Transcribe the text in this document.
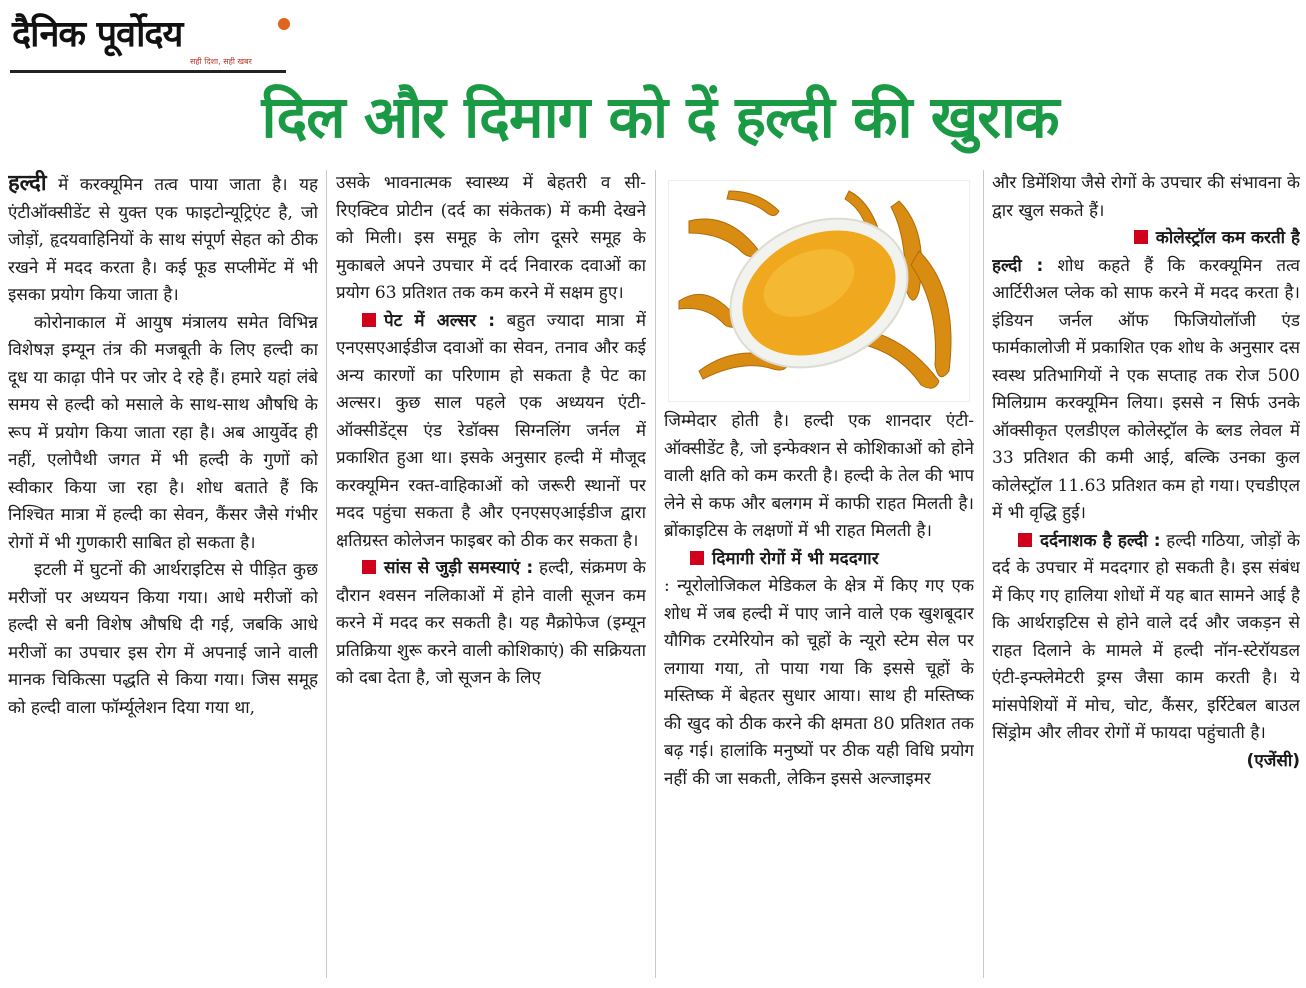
दैनिक पूर्वोदय
सही दिशा, सही खबर
दिल और दिमाग को दें हल्दी की खुराक

हल्दी में करक्यूमिन तत्व पाया जाता है। यह एंटीऑक्सीडेंट से युक्त एक फाइटोन्यूट्रिएंट है, जो जोड़ों, हृदयवाहिनियों के साथ संपूर्ण सेहत को ठीक रखने में मदद करता है। कई फूड सप्लीमेंट में भी इसका प्रयोग किया जाता है।

कोरोनाकाल में आयुष मंत्रालय समेत विभिन्न विशेषज्ञ इम्यून तंत्र की मजबूती के लिए हल्दी का दूध या काढ़ा पीने पर जोर दे रहे हैं। हमारे यहां लंबे समय से हल्दी को मसाले के साथ-साथ औषधि के रूप में प्रयोग किया जाता रहा है। अब आयुर्वेद ही नहीं, एलोपैथी जगत में भी हल्दी के गुणों को स्वीकार किया जा रहा है। शोध बताते हैं कि निश्चित मात्रा में हल्दी का सेवन, कैंसर जैसे गंभीर रोगों में भी गुणकारी साबित हो सकता है।

इटली में घुटनों की आर्थराइटिस से पीड़ित कुछ मरीजों पर अध्ययन किया गया। आधे मरीजों को हल्दी से बनी विशेष औषधि दी गई, जबकि आधे मरीजों का उपचार इस रोग में अपनाई जाने वाली मानक चिकित्सा पद्धति से किया गया। जिस समूह को हल्दी वाला फॉर्म्यूलेशन दिया गया था,

उसके भावनात्मक स्वास्थ्य में बेहतरी व सी-रिएक्टिव प्रोटीन (दर्द का संकेतक) में कमी देखने को मिली। इस समूह के लोग दूसरे समूह के मुकाबले अपने उपचार में दर्द निवारक दवाओं का प्रयोग 63 प्रतिशत तक कम करने में सक्षम हुए।

पेट में अल्सर : बहुत ज्यादा मात्रा में एनएसएआईडीज दवाओं का सेवन, तनाव और कई अन्य कारणों का परिणाम हो सकता है पेट का अल्सर। कुछ साल पहले एक अध्ययन एंटी-ऑक्सीडेंट्स एंड रेडॉक्स सिग्नलिंग जर्नल में प्रकाशित हुआ था। इसके अनुसार हल्दी में मौजूद करक्यूमिन रक्त-वाहिकाओं को जरूरी स्थानों पर मदद पहुंचा सकता है और एनएसएआईडीज द्वारा क्षतिग्रस्त कोलेजन फाइबर को ठीक कर सकता है।

सांस से जुड़ी समस्याएं : हल्दी, संक्रमण के दौरान श्वसन नलिकाओं में होने वाली सूजन कम करने में मदद कर सकती है। यह मैक्रोफेज (इम्यून प्रतिक्रिया शुरू करने वाली कोशिकाएं) की सक्रियता को दबा देता है, जो सूजन के लिए

जिम्मेदार होती है। हल्दी एक शानदार एंटी-ऑक्सीडेंट है, जो इन्फेक्शन से कोशिकाओं को होने वाली क्षति को कम करती है। हल्दी के तेल की भाप लेने से कफ और बलगम में काफी राहत मिलती है। ब्रोंकाइटिस के लक्षणों में भी राहत मिलती है।

दिमागी रोगों में भी मददगार

: न्यूरोलोजिकल मेडिकल के क्षेत्र में किए गए एक शोध में जब हल्दी में पाए जाने वाले एक खुशबूदार यौगिक टरमेरियोन को चूहों के न्यूरो स्टेम सेल पर लगाया गया, तो पाया गया कि इससे चूहों के मस्तिष्क में बेहतर सुधार आया। साथ ही मस्तिष्क की खुद को ठीक करने की क्षमता 80 प्रतिशत तक बढ़ गई। हालांकि मनुष्यों पर ठीक यही विधि प्रयोग नहीं की जा सकती, लेकिन इससे अल्जाइमर

और डिमेंशिया जैसे रोगों के उपचार की संभावना के द्वार खुल सकते हैं।

कोलेस्ट्रॉल कम करती है

हल्दी : शोध कहते हैं कि करक्यूमिन तत्व आर्टिरीअल प्लेक को साफ करने में मदद करता है। इंडियन जर्नल ऑफ फिजियोलॉजी एंड फार्मकालोजी में प्रकाशित एक शोध के अनुसार दस स्वस्थ प्रतिभागियों ने एक सप्ताह तक रोज 500 मिलिग्राम करक्यूमिन लिया। इससे न सिर्फ उनके ऑक्सीकृत एलडीएल कोलेस्ट्रॉल के ब्लड लेवल में 33 प्रतिशत की कमी आई, बल्कि उनका कुल कोलेस्ट्रॉल 11.63 प्रतिशत कम हो गया। एचडीएल में भी वृद्धि हुई।

दर्दनाशक है हल्दी : हल्दी गठिया, जोड़ों के दर्द के उपचार में मददगार हो सकती है। इस संबंध में किए गए हालिया शोधों में यह बात सामने आई है कि आर्थराइटिस से होने वाले दर्द और जकड़न से राहत दिलाने के मामले में हल्दी नॉन-स्टेरॉयडल एंटी-इन्फ्लेमेटरी ड्रग्स जैसा काम करती है। ये मांसपेशियों में मोच, चोट, कैंसर, इर्रिटेबल बाउल सिंड्रोम और लीवर रोगों में फायदा पहुंचाती है।

(एजेंसी)
